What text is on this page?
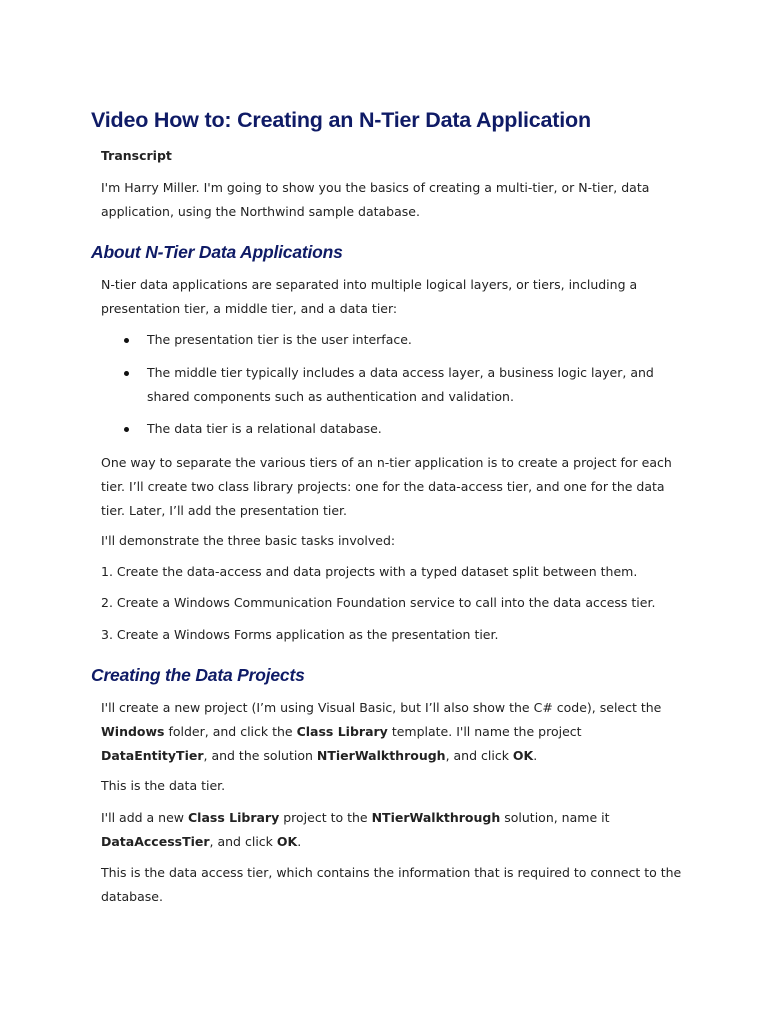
Video How to: Creating an N-Tier Data Application
Transcript

I'm Harry Miller. I'm going to show you the basics of creating a multi-tier, or N-tier, data application, using the Northwind sample database.

About N-Tier Data Applications

N-tier data applications are separated into multiple logical layers, or tiers, including a presentation tier, a middle tier, and a data tier:

The presentation tier is the user interface.
The middle tier typically includes a data access layer, a business logic layer, and shared components such as authentication and validation.
The data tier is a relational database.

One way to separate the various tiers of an n-tier application is to create a project for each tier. I’ll create two class library projects: one for the data-access tier, and one for the data tier. Later, I’ll add the presentation tier.

I'll demonstrate the three basic tasks involved:

1. Create the data-access and data projects with a typed dataset split between them.

2. Create a Windows Communication Foundation service to call into the data access tier.

3. Create a Windows Forms application as the presentation tier.

Creating the Data Projects

I'll create a new project (I’m using Visual Basic, but I’ll also show the C# code), select the Windows folder, and click the Class Library template. I'll name the project DataEntityTier, and the solution NTierWalkthrough, and click OK.

This is the data tier.

I'll add a new Class Library project to the NTierWalkthrough solution, name it DataAccessTier, and click OK.

This is the data access tier, which contains the information that is required to connect to the database.
